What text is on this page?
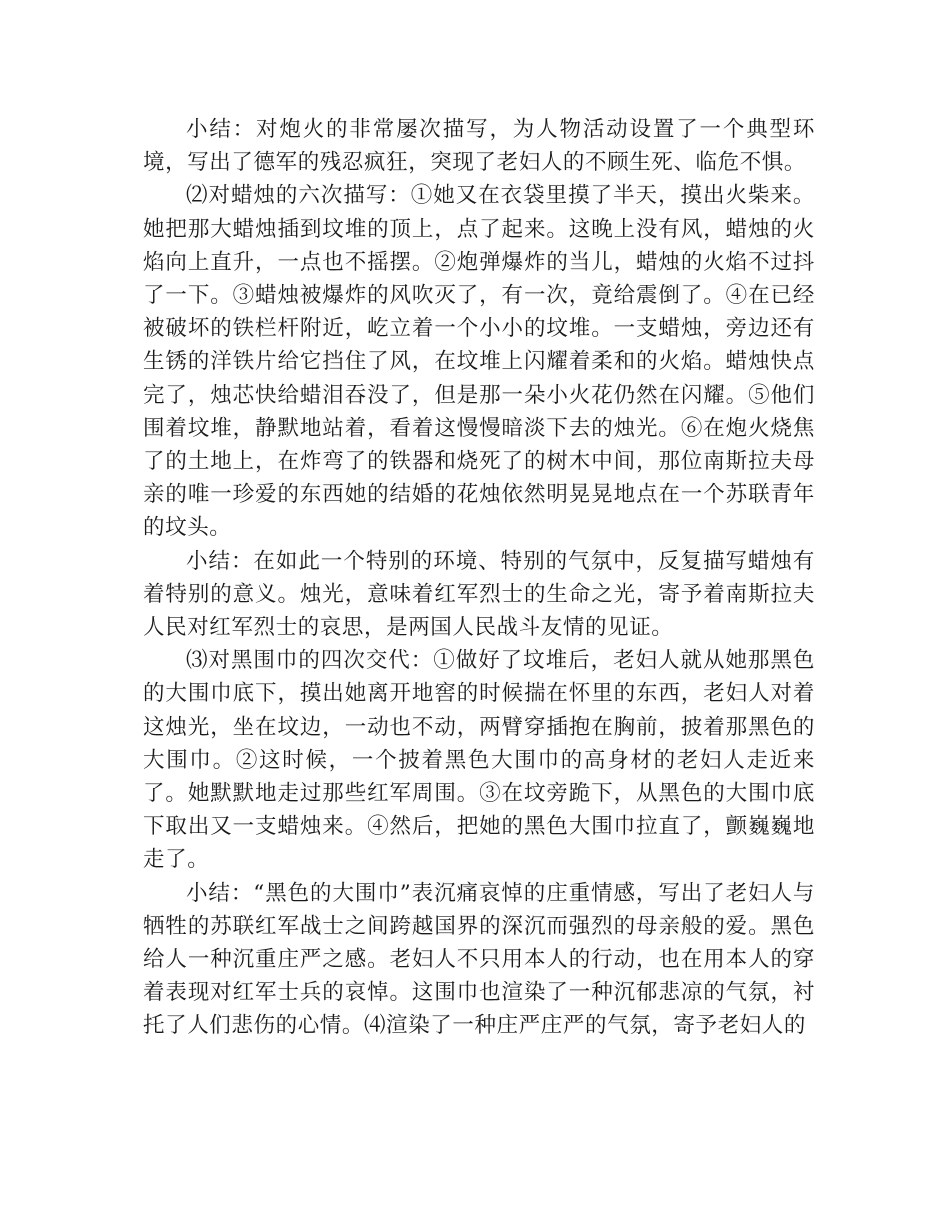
小结：对炮火的非常屡次描写，为人物活动设置了一个典型环境，写出了德军的残忍疯狂，突现了老妇人的不顾生死、临危不惧。

⑵对蜡烛的六次描写：①她又在衣袋里摸了半天，摸出火柴来。她把那大蜡烛插到坟堆的顶上，点了起来。这晚上没有风，蜡烛的火焰向上直升，一点也不摇摆。②炮弹爆炸的当儿，蜡烛的火焰不过抖了一下。③蜡烛被爆炸的风吹灭了，有一次，竟给震倒了。④在已经被破坏的铁栏杆附近，屹立着一个小小的坟堆。一支蜡烛，旁边还有生锈的洋铁片给它挡住了风，在坟堆上闪耀着柔和的火焰。蜡烛快点完了，烛芯快给蜡泪吞没了，但是那一朵小火花仍然在闪耀。⑤他们围着坟堆，静默地站着，看着这慢慢暗淡下去的烛光。⑥在炮火烧焦了的土地上，在炸弯了的铁器和烧死了的树木中间，那位南斯拉夫母亲的唯一珍爱的东西她的结婚的花烛依然明晃晃地点在一个苏联青年的坟头。

小结：在如此一个特别的环境、特别的气氛中，反复描写蜡烛有着特别的意义。烛光，意味着红军烈士的生命之光，寄予着南斯拉夫人民对红军烈士的哀思，是两国人民战斗友情的见证。

⑶对黑围巾的四次交代：①做好了坟堆后，老妇人就从她那黑色的大围巾底下，摸出她离开地窖的时候揣在怀里的东西，老妇人对着这烛光，坐在坟边，一动也不动，两臂穿插抱在胸前，披着那黑色的大围巾。②这时候，一个披着黑色大围巾的高身材的老妇人走近来了。她默默地走过那些红军周围。③在坟旁跪下，从黑色的大围巾底下取出又一支蜡烛来。④然后，把她的黑色大围巾拉直了，颤巍巍地走了。

小结：“黑色的大围巾”表沉痛哀悼的庄重情感，写出了老妇人与牺牲的苏联红军战士之间跨越国界的深沉而强烈的母亲般的爱。黑色给人一种沉重庄严之感。老妇人不只用本人的行动，也在用本人的穿着表现对红军士兵的哀悼。这围巾也渲染了一种沉郁悲凉的气氛，衬托了人们悲伤的心情。⑷渲染了一种庄严庄严的气氛，寄予老妇人的
